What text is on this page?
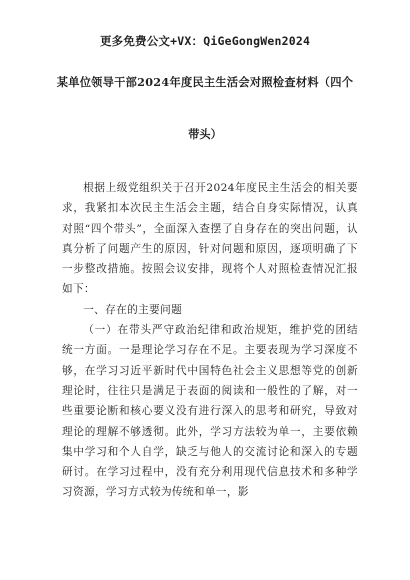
更多免费公文+VX：QiGeGongWen2024
某单位领导干部2024年度民主生活会对照检查材料（四个
带头）

根据上级党组织关于召开2024年度民主生活会的相关要求，我紧扣本次民主生活会主题，结合自身实际情况，认真对照“四个带头”，全面深入查摆了自身存在的突出问题，认真分析了问题产生的原因，针对问题和原因，逐项明确了下一步整改措施。按照会议安排，现将个人对照检查情况汇报如下：

一、存在的主要问题

（一）在带头严守政治纪律和政治规矩，维护党的团结统一方面。一是理论学习存在不足。主要表现为学习深度不够，在学习习近平新时代中国特色社会主义思想等党的创新理论时，往往只是满足于表面的阅读和一般性的了解，对一些重要论断和核心要义没有进行深入的思考和研究，导致对理论的理解不够透彻。此外，学习方法较为单一，主要依赖集中学习和个人自学，缺乏与他人的交流讨论和深入的专题研讨。在学习过程中，没有充分利用现代信息技术和多种学习资源，学习方式较为传统和单一，影
